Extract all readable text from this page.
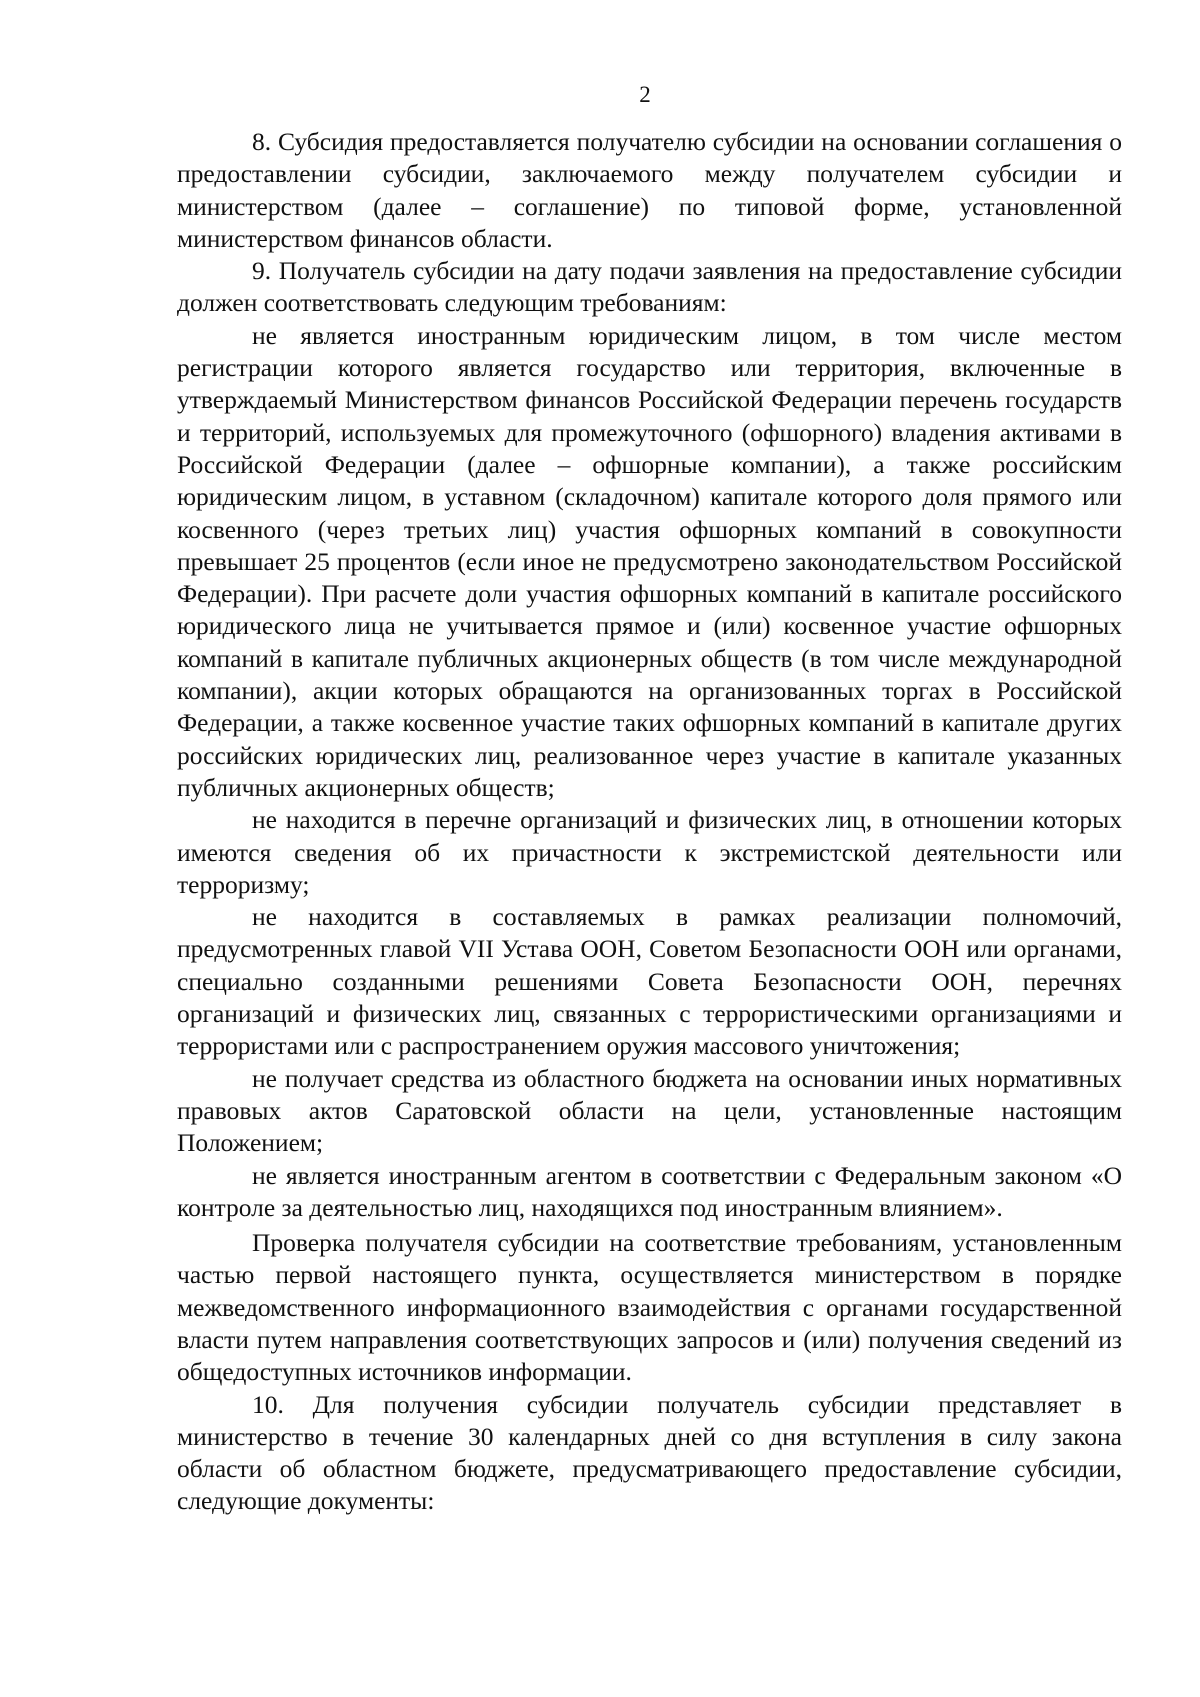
2

8. Субсидия предоставляется получателю субсидии на основании соглашения о предоставлении субсидии, заключаемого между получателем субсидии и министерством (далее – соглашение) по типовой форме, установленной министерством финансов области.

9. Получатель субсидии на дату подачи заявления на предоставление субсидии должен соответствовать следующим требованиям:

не является иностранным юридическим лицом, в том числе местом регистрации которого является государство или территория, включенные в утверждаемый Министерством финансов Российской Федерации перечень государств и территорий, используемых для промежуточного (офшорного) владения активами в Российской Федерации (далее – офшорные компании), а также российским юридическим лицом, в уставном (складочном) капитале которого доля прямого или косвенного (через третьих лиц) участия офшорных компаний в совокупности превышает 25 процентов (если иное не предусмотрено законодательством Российской Федерации). При расчете доли участия офшорных компаний в капитале российского юридического лица не учитывается прямое и (или) косвенное участие офшорных компаний в капитале публичных акционерных обществ (в том числе международной компании), акции которых обращаются на организованных торгах в Российской Федерации, а также косвенное участие таких офшорных компаний в капитале других российских юридических лиц, реализованное через участие в капитале указанных публичных акционерных обществ;

не находится в перечне организаций и физических лиц, в отношении которых имеются сведения об их причастности к экстремистской деятельности или терроризму;

не находится в составляемых в рамках реализации полномочий, предусмотренных главой VII Устава ООН, Советом Безопасности ООН или органами, специально созданными решениями Совета Безопасности ООН, перечнях организаций и физических лиц, связанных с террористическими организациями и террористами или с распространением оружия массового уничтожения;

не получает средства из областного бюджета на основании иных нормативных правовых актов Саратовской области на цели, установленные настоящим Положением;

не является иностранным агентом в соответствии с Федеральным законом «О контроле за деятельностью лиц, находящихся под иностранным влиянием».

Проверка получателя субсидии на соответствие требованиям, установленным частью первой настоящего пункта, осуществляется министерством в порядке межведомственного информационного взаимодействия с органами государственной власти путем направления соответствующих запросов и (или) получения сведений из общедоступных источников информации.

10. Для получения субсидии получатель субсидии представляет в министерство в течение 30 календарных дней со дня вступления в силу закона области об областном бюджете, предусматривающего предоставление субсидии, следующие документы:
